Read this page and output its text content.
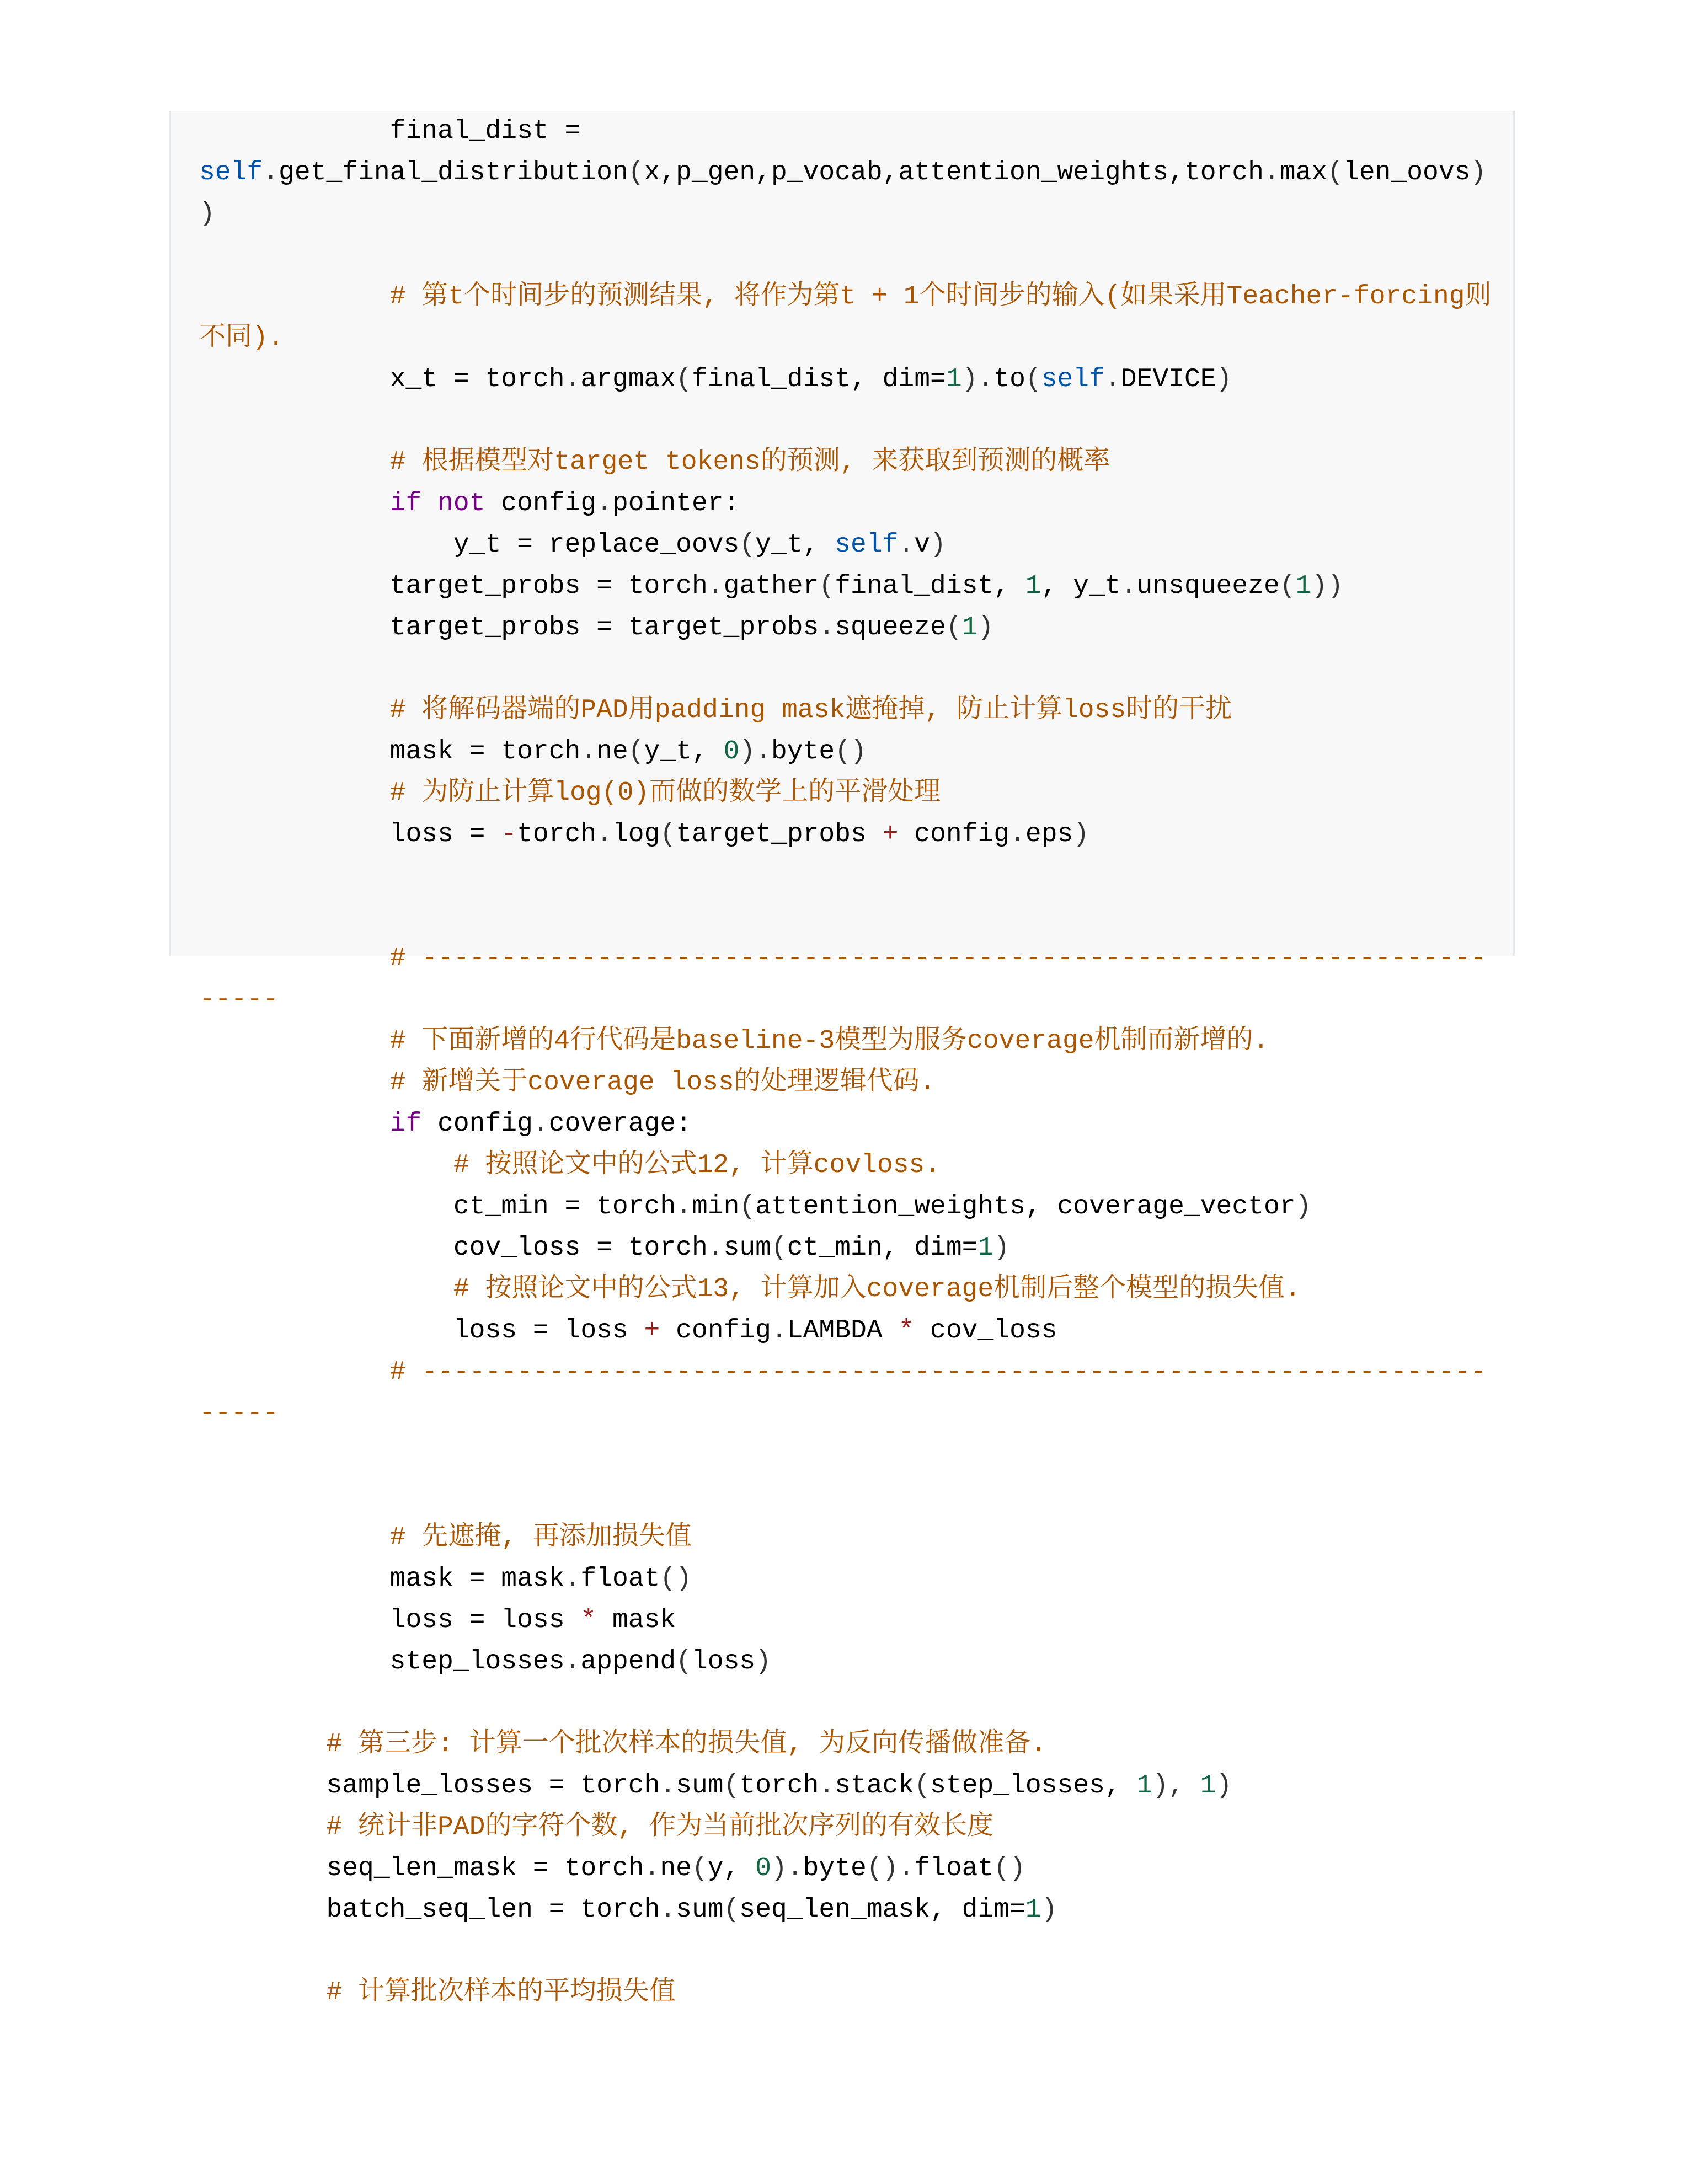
final_dist =
self.get_final_distribution(x,p_gen,p_vocab,attention_weights,torch.max(len_oovs)
)

# 第t个时间步的预测结果, 将作为第t + 1个时间步的输入(如果采用Teacher-forcing则
不同).
x_t = torch.argmax(final_dist, dim=1).to(self.DEVICE)

# 根据模型对target tokens的预测, 来获取到预测的概率
if not config.pointer:
y_t = replace_oovs(y_t, self.v)
target_probs = torch.gather(final_dist, 1, y_t.unsqueeze(1))
target_probs = target_probs.squeeze(1)

# 将解码器端的PAD用padding mask遮掩掉, 防止计算loss时的干扰
mask = torch.ne(y_t, 0).byte()
# 为防止计算log(0)而做的数学上的平滑处理
loss = -torch.log(target_probs + config.eps)

# -------------------------------------------------------------------
-----
# 下面新增的4行代码是baseline-3模型为服务coverage机制而新增的.
# 新增关于coverage loss的处理逻辑代码.
if config.coverage:
# 按照论文中的公式12, 计算covloss.
ct_min = torch.min(attention_weights, coverage_vector)
cov_loss = torch.sum(ct_min, dim=1)
# 按照论文中的公式13, 计算加入coverage机制后整个模型的损失值.
loss = loss + config.LAMBDA * cov_loss
# -------------------------------------------------------------------
-----

# 先遮掩, 再添加损失值
mask = mask.float()
loss = loss * mask
step_losses.append(loss)

# 第三步: 计算一个批次样本的损失值, 为反向传播做准备.
sample_losses = torch.sum(torch.stack(step_losses, 1), 1)
# 统计非PAD的字符个数, 作为当前批次序列的有效长度
seq_len_mask = torch.ne(y, 0).byte().float()
batch_seq_len = torch.sum(seq_len_mask, dim=1)

# 计算批次样本的平均损失值
